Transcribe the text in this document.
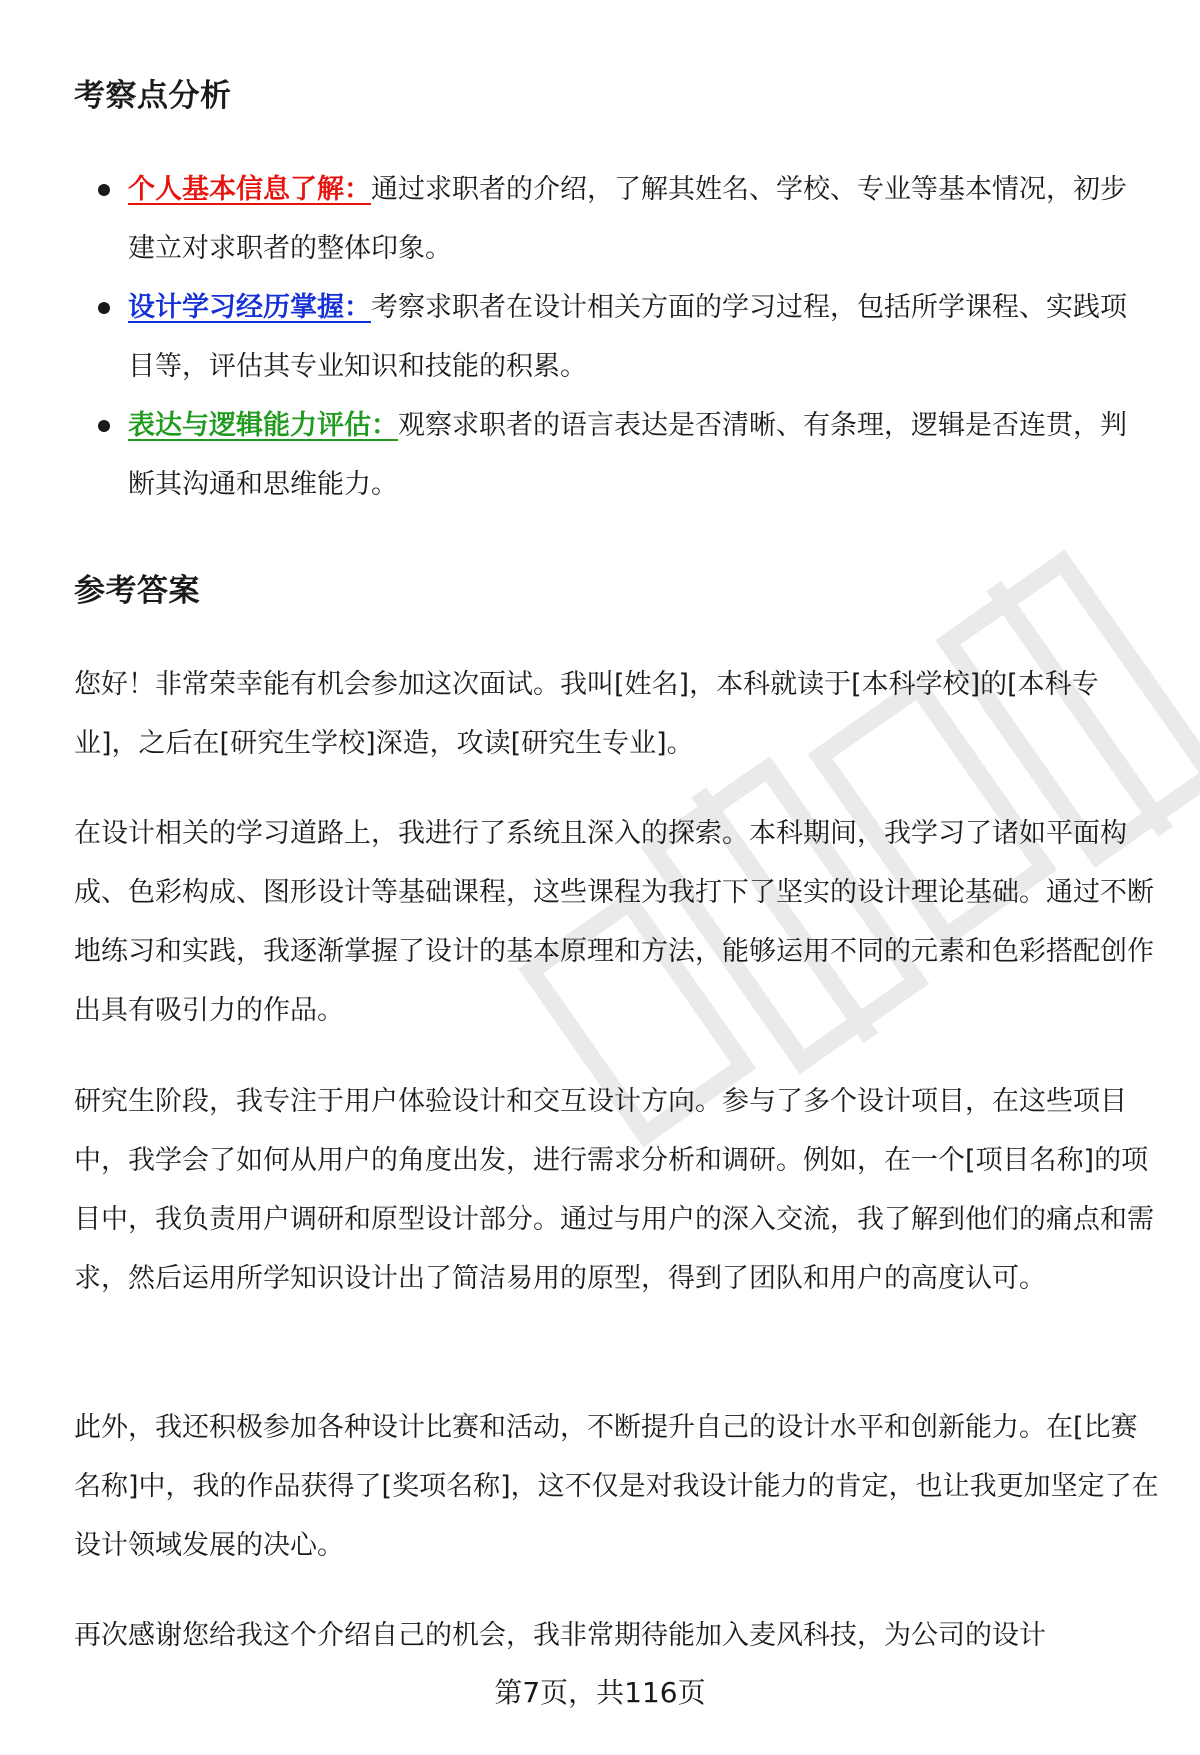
考察点分析
个人基本信息了解：通过求职者的介绍，了解其姓名、学校、专业等基本情况，初步建立对求职者的整体印象。
设计学习经历掌握：考察求职者在设计相关方面的学习过程，包括所学课程、实践项目等，评估其专业知识和技能的积累。
表达与逻辑能力评估：观察求职者的语言表达是否清晰、有条理，逻辑是否连贯，判断其沟通和思维能力。
参考答案

您好！非常荣幸能有机会参加这次面试。我叫[姓名]，本科就读于[本科学校]的[本科专业]，之后在[研究生学校]深造，攻读[研究生专业]。

在设计相关的学习道路上，我进行了系统且深入的探索。本科期间，我学习了诸如平面构成、色彩构成、图形设计等基础课程，这些课程为我打下了坚实的设计理论基础。通过不断地练习和实践，我逐渐掌握了设计的基本原理和方法，能够运用不同的元素和色彩搭配创作出具有吸引力的作品。

研究生阶段，我专注于用户体验设计和交互设计方向。参与了多个设计项目，在这些项目中，我学会了如何从用户的角度出发，进行需求分析和调研。例如，在一个[项目名称]的项目中，我负责用户调研和原型设计部分。通过与用户的深入交流，我了解到他们的痛点和需求，然后运用所学知识设计出了简洁易用的原型，得到了团队和用户的高度认可。

此外，我还积极参加各种设计比赛和活动，不断提升自己的设计水平和创新能力。在[比赛名称]中，我的作品获得了[奖项名称]，这不仅是对我设计能力的肯定，也让我更加坚定了在设计领域发展的决心。

再次感谢您给我这个介绍自己的机会，我非常期待能加入麦风科技，为公司的设计

第7页，共116页
